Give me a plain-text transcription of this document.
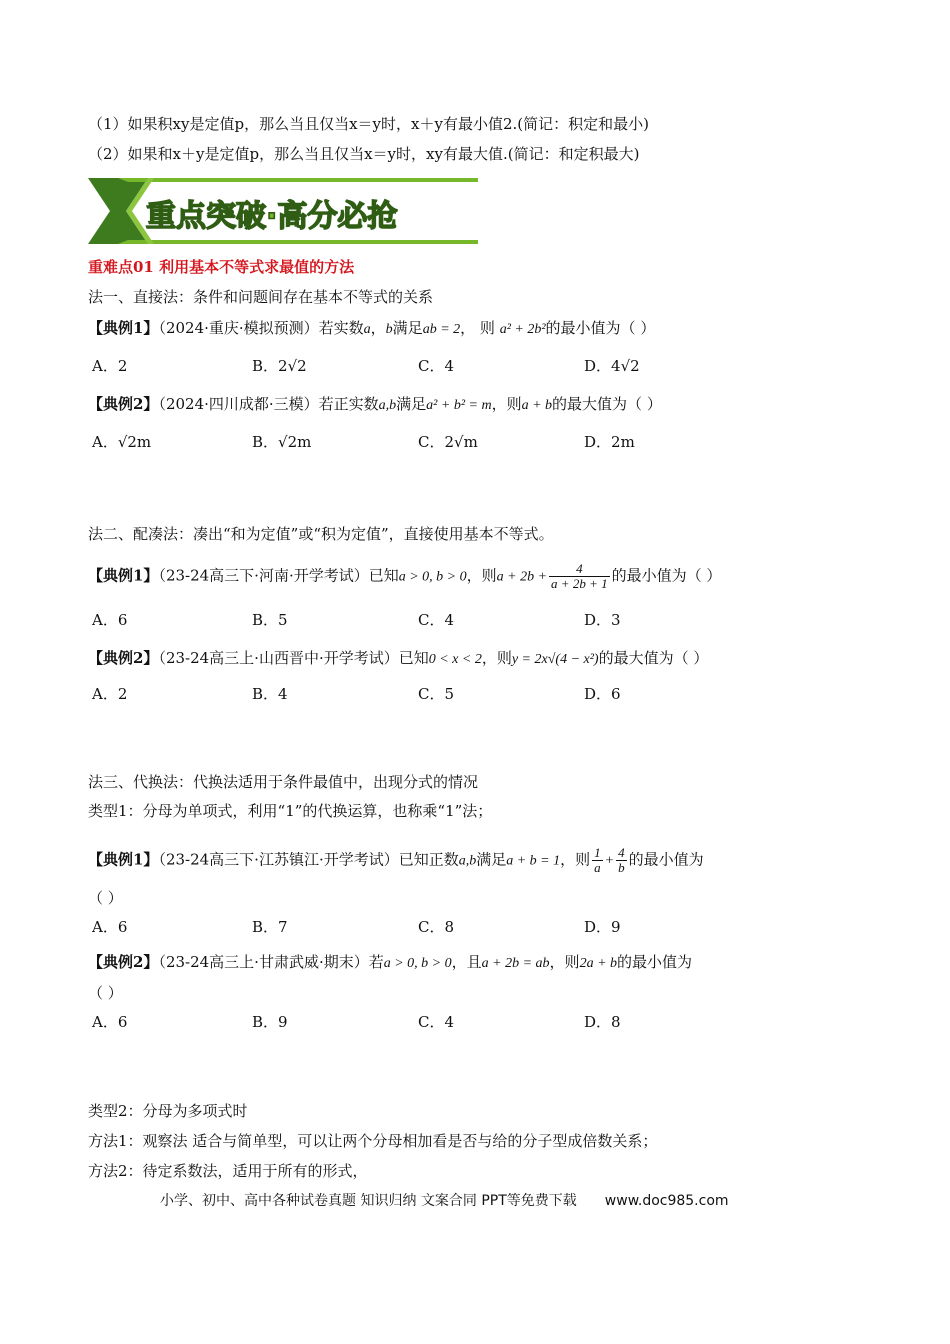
（1）如果积xy是定值p，那么当且仅当x＝y时，x＋y有最小值2.(简记：积定和最小)
（2）如果和x＋y是定值p，那么当且仅当x＝y时，xy有最大值.(简记：和定积最大)
重点突破·高分必抢
重难点01 利用基本不等式求最值的方法
法一、直接法：条件和问题间存在基本不等式的关系
【典例1】（2024·重庆·模拟预测）若实数a，b满足ab = 2， 则 a² + 2b²的最小值为（ ）
A．2	B．2√2	C．4	D．4√2
【典例2】（2024·四川成都·三模）若正实数a,b满足a² + b² = m，则a + b的最大值为（ ）
A．√2m	B．√2m	C．2√m	D．2m
法二、配凑法：凑出“和为定值”或“积为定值”，直接使用基本不等式。
【典例1】（23-24高三下·河南·开学考试）已知a > 0, b > 0，则$a + 2b + \frac{4}{a + 2b + 1}$ 的最小值为（ ）
A．6	B．5	C．4	D．3
【典例2】（23-24高三上·山西晋中·开学考试）已知0 < x < 2，则y = 2x√(4 − x²)的最大值为（ ）
A．2	B．4	C．5	D．6
法三、代换法：代换法适用于条件最值中，出现分式的情况
类型1：分母为单项式，利用“1”的代换运算，也称乘“1”法；
【典例1】（23-24高三下·江苏镇江·开学考试）已知正数a,b满足a + b = 1，则 $\frac{1}{a} + \frac{4}{b}$ 的最小值为
（ ）
A．6	B．7	C．8	D．9
【典例2】（23-24高三上·甘肃武威·期末）若a > 0, b > 0，且a + 2b = ab，则2a + b的最小值为
（ ）
A．6	B．9	C．4	D．8
类型2：分母为多项式时
方法1：观察法 适合与简单型，可以让两个分母相加看是否与给的分子型成倍数关系；
方法2：待定系数法，适用于所有的形式，
小学、初中、高中各种试卷真题 知识归纳 文案合同 PPT等免费下载 www.doc985.com
